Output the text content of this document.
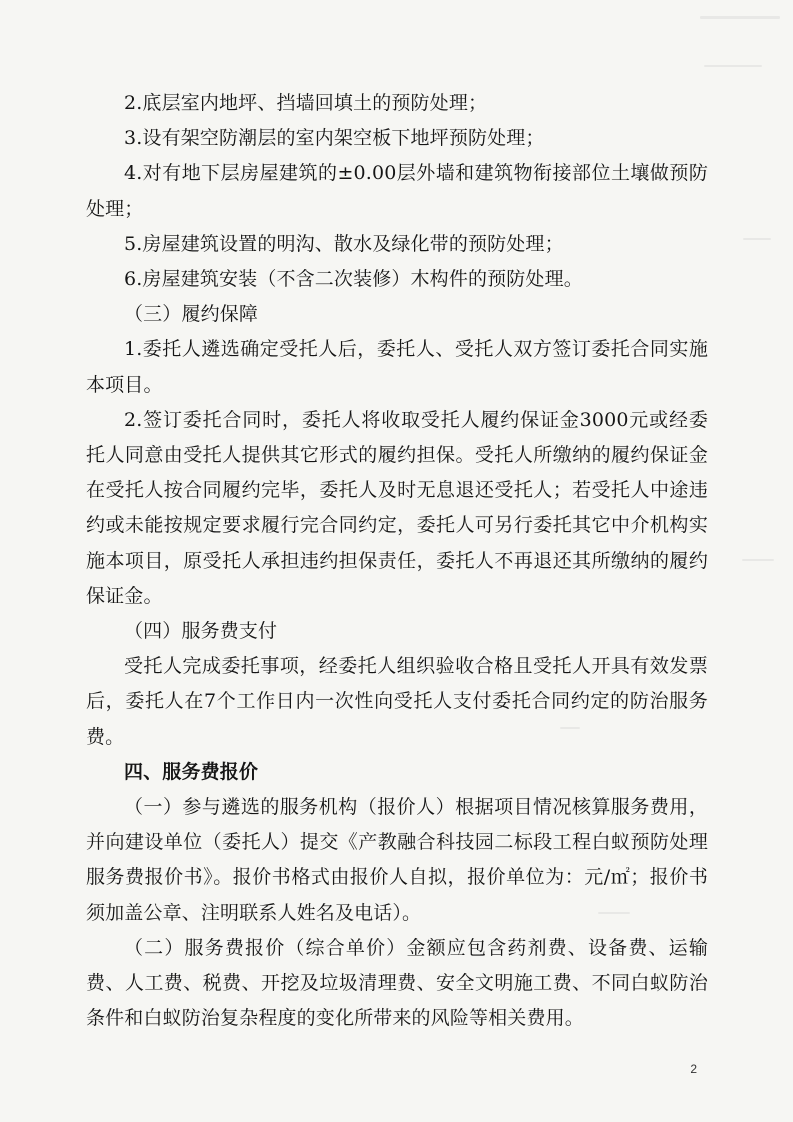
2.底层室内地坪、挡墙回填土的预防处理；

3.设有架空防潮层的室内架空板下地坪预防处理；

4.对有地下层房屋建筑的±0.00层外墙和建筑物衔接部位土壤做预防处理；

5.房屋建筑设置的明沟、散水及绿化带的预防处理；

6.房屋建筑安装（不含二次装修）木构件的预防处理。

（三）履约保障

1.委托人遴选确定受托人后，委托人、受托人双方签订委托合同实施本项目。

2.签订委托合同时，委托人将收取受托人履约保证金3000元或经委托人同意由受托人提供其它形式的履约担保。受托人所缴纳的履约保证金在受托人按合同履约完毕，委托人及时无息退还受托人；若受托人中途违约或未能按规定要求履行完合同约定，委托人可另行委托其它中介机构实施本项目，原受托人承担违约担保责任，委托人不再退还其所缴纳的履约保证金。

（四）服务费支付

受托人完成委托事项，经委托人组织验收合格且受托人开具有效发票后，委托人在7个工作日内一次性向受托人支付委托合同约定的防治服务费。

四、服务费报价

（一）参与遴选的服务机构（报价人）根据项目情况核算服务费用，并向建设单位（委托人）提交《产教融合科技园二标段工程白蚁预防处理服务费报价书》。报价书格式由报价人自拟，报价单位为：元/㎡；报价书须加盖公章、注明联系人姓名及电话）。

（二）服务费报价（综合单价）金额应包含药剂费、设备费、运输费、人工费、税费、开挖及垃圾清理费、安全文明施工费、不同白蚁防治条件和白蚁防治复杂程度的变化所带来的风险等相关费用。

2
